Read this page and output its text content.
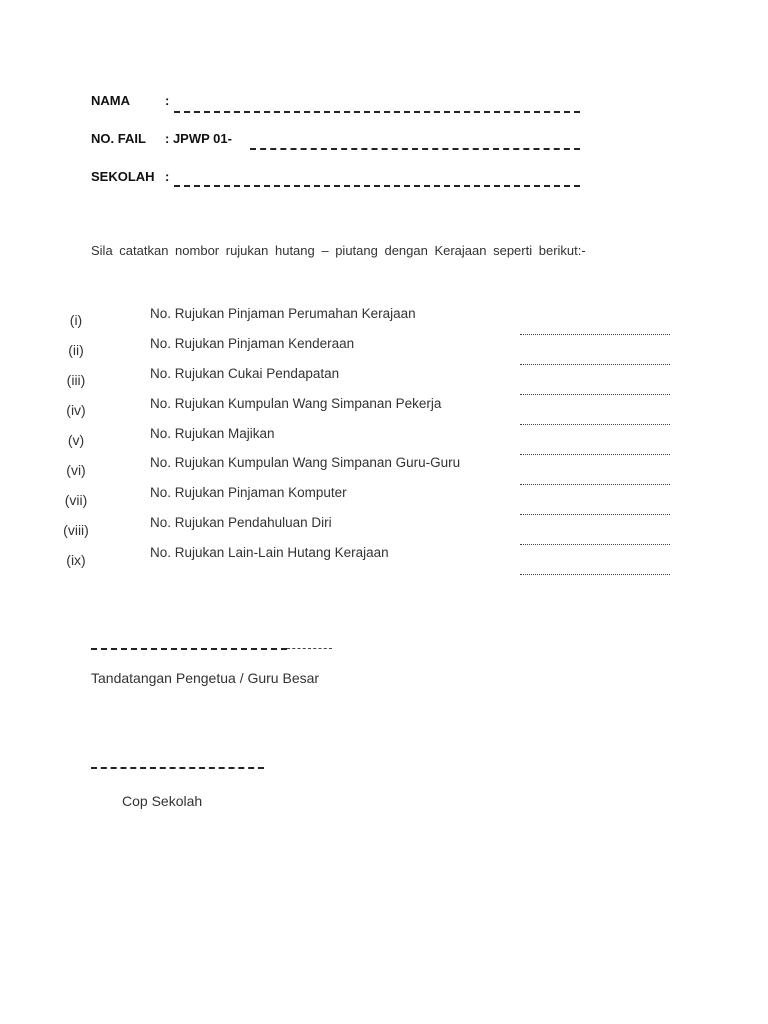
NAMA	:
NO. FAIL : JPWP 01-
SEKOLAH :
Sila catatkan nombor rujukan hutang – piutang dengan Kerajaan seperti berikut:-
(i)	No. Rujukan Pinjaman Perumahan Kerajaan
(ii)	No. Rujukan Pinjaman Kenderaan
(iii)	No. Rujukan Cukai Pendapatan
(iv)	No. Rujukan Kumpulan Wang Simpanan Pekerja
(v)	No. Rujukan Majikan
(vi)	No. Rujukan Kumpulan Wang Simpanan Guru-Guru
(vii)	No. Rujukan Pinjaman Komputer
(viii)	No. Rujukan Pendahuluan Diri
(ix)	No. Rujukan Lain-Lain Hutang Kerajaan
Tandatangan Pengetua / Guru Besar
Cop Sekolah
